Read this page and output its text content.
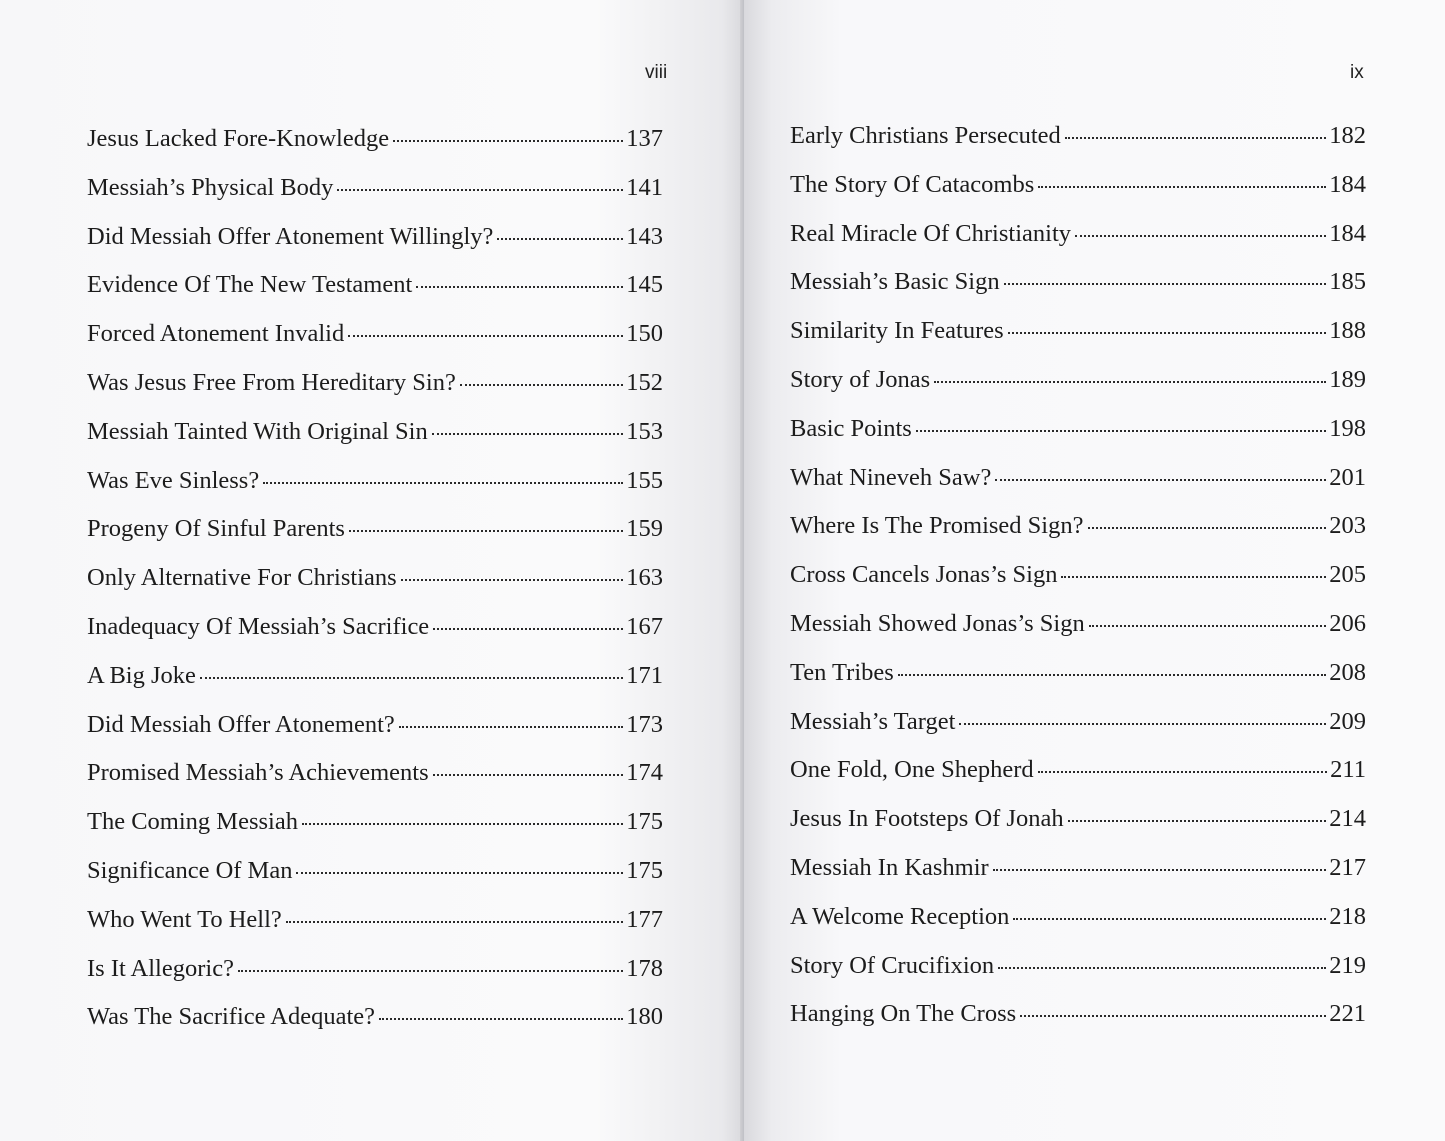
viii
Jesus Lacked Fore-Knowledge	137
Messiah’s Physical Body	141
Did Messiah Offer Atonement Willingly?	143
Evidence Of The New Testament	145
Forced Atonement Invalid	150
Was Jesus Free From Hereditary Sin?	152
Messiah Tainted With Original Sin	153
Was Eve Sinless?	155
Progeny Of Sinful Parents	159
Only Alternative For Christians	163
Inadequacy Of Messiah’s Sacrifice	167
A Big Joke	171
Did Messiah Offer Atonement?	173
Promised Messiah’s Achievements	174
The Coming Messiah	175
Significance Of Man	175
Who Went To Hell?	177
Is It Allegoric?	178
Was The Sacrifice Adequate?	180
ix
Early Christians Persecuted	182
The Story Of Catacombs	184
Real Miracle Of Christianity	184
Messiah’s Basic Sign	185
Similarity In Features	188
Story of Jonas	189
Basic Points	198
What Nineveh Saw?	201
Where Is The Promised Sign?	203
Cross Cancels Jonas’s Sign	205
Messiah Showed Jonas’s Sign	206
Ten Tribes	208
Messiah’s Target	209
One Fold, One Shepherd	211
Jesus In Footsteps Of Jonah	214
Messiah In Kashmir	217
A Welcome Reception	218
Story Of Crucifixion	219
Hanging On The Cross	221
